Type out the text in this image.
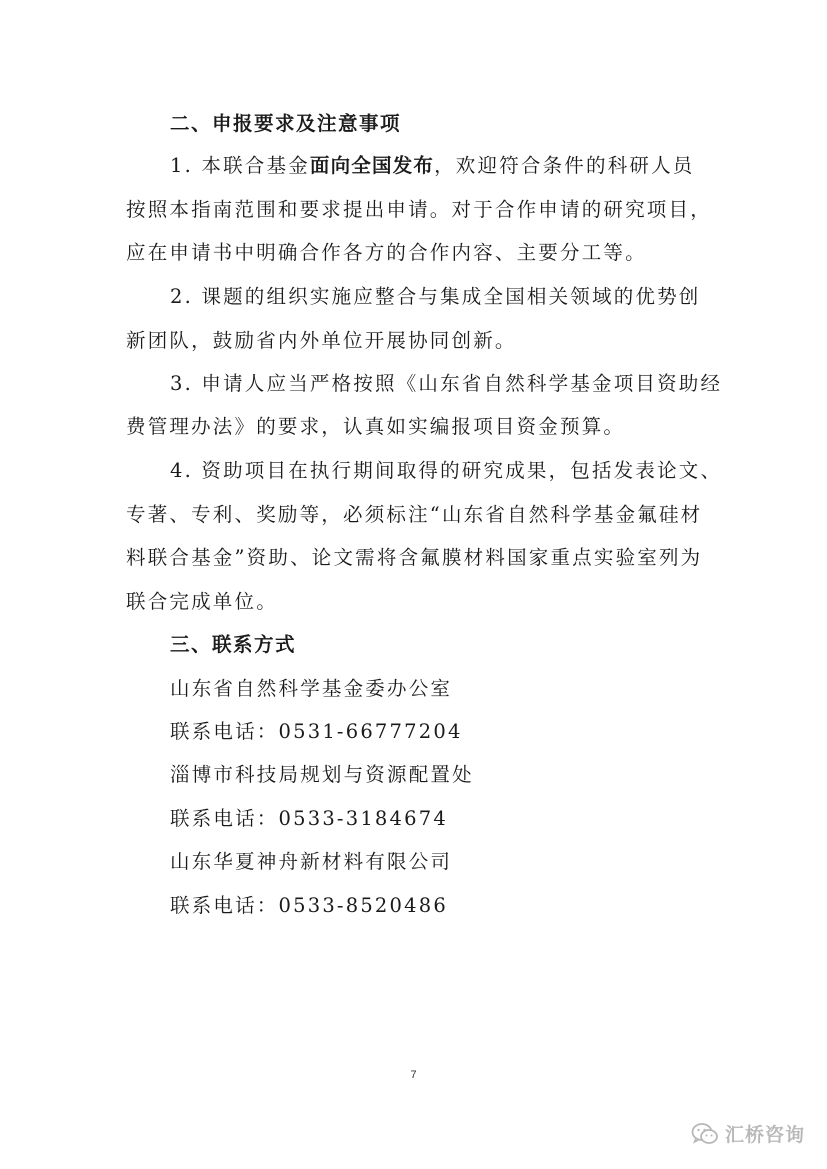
二、申报要求及注意事项
1. 本联合基金面向全国发布，欢迎符合条件的科研人员
按照本指南范围和要求提出申请。对于合作申请的研究项目，
应在申请书中明确合作各方的合作内容、主要分工等。
2. 课题的组织实施应整合与集成全国相关领域的优势创
新团队，鼓励省内外单位开展协同创新。
3. 申请人应当严格按照《山东省自然科学基金项目资助经
费管理办法》的要求，认真如实编报项目资金预算。
4. 资助项目在执行期间取得的研究成果，包括发表论文、
专著、专利、奖励等，必须标注“山东省自然科学基金氟硅材
料联合基金”资助、论文需将含氟膜材料国家重点实验室列为
联合完成单位。
三、联系方式
山东省自然科学基金委办公室
联系电话：0531-66777204
淄博市科技局规划与资源配置处
联系电话：0533-3184674
山东华夏神舟新材料有限公司
联系电话：0533-8520486
7
汇桥咨询
